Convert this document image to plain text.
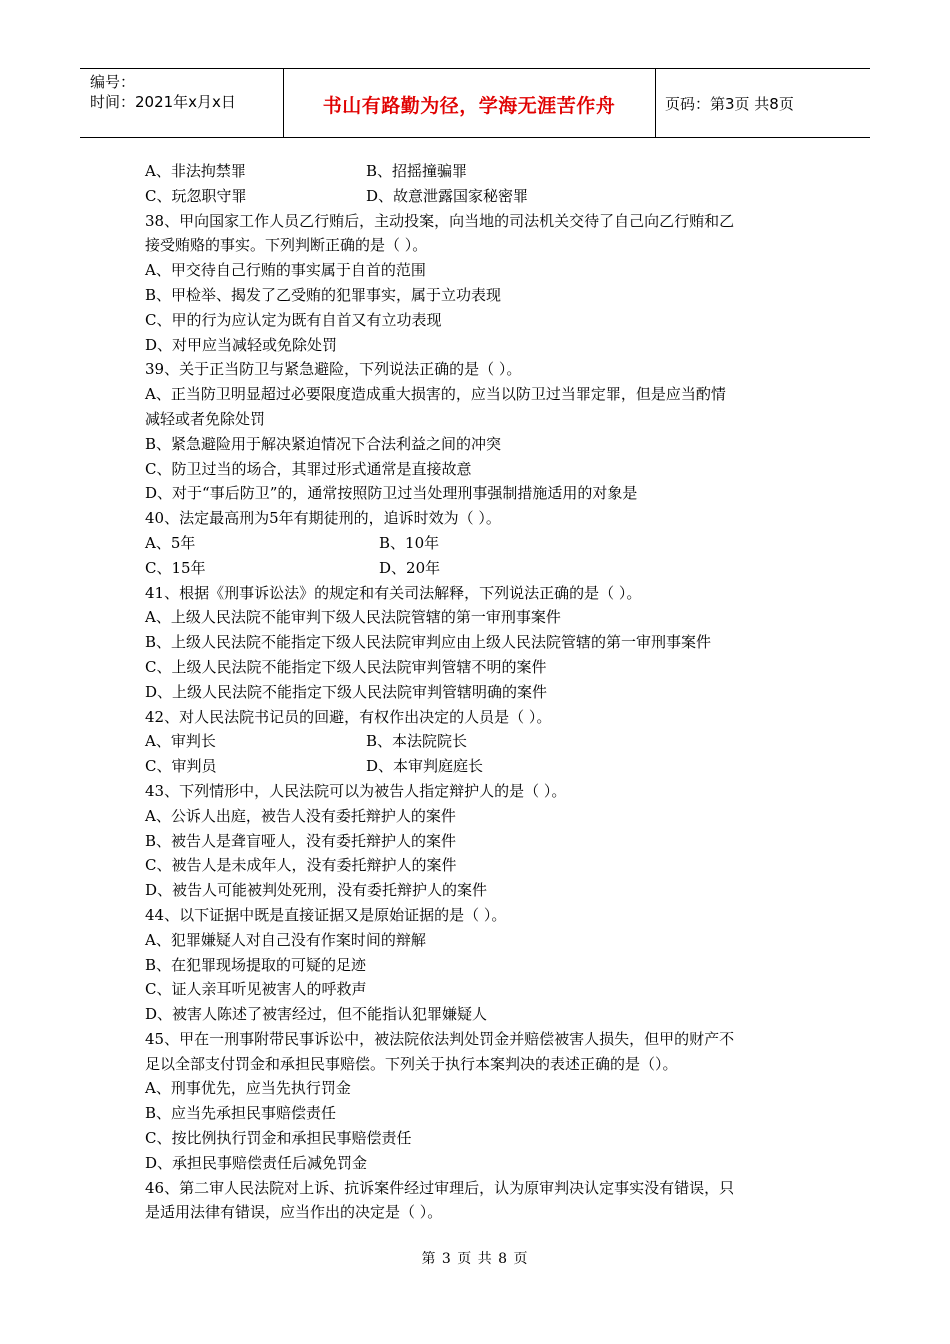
编号：
时间：2021年x月x日	书山有路勤为径，学海无涯苦作舟	页码：第3页 共8页
A、非法拘禁罪	B、招摇撞骗罪
C、玩忽职守罪	D、故意泄露国家秘密罪
38、甲向国家工作人员乙行贿后，主动投案，向当地的司法机关交待了自己向乙行贿和乙
接受贿赂的事实。下列判断正确的是（ ）。
A、甲交待自己行贿的事实属于自首的范围
B、甲检举、揭发了乙受贿的犯罪事实，属于立功表现
C、甲的行为应认定为既有自首又有立功表现
D、对甲应当减轻或免除处罚
39、关于正当防卫与紧急避险，下列说法正确的是（ ）。
A、正当防卫明显超过必要限度造成重大损害的，应当以防卫过当罪定罪，但是应当酌情
减轻或者免除处罚
B、紧急避险用于解决紧迫情况下合法利益之间的冲突
C、防卫过当的场合，其罪过形式通常是直接故意
D、对于“事后防卫”的，通常按照防卫过当处理刑事强制措施适用的对象是
40、法定最高刑为5年有期徒刑的，追诉时效为（ ）。
A、5年	B、10年
C、15年	D、20年
41、根据《刑事诉讼法》的规定和有关司法解释，下列说法正确的是（ ）。
A、上级人民法院不能审判下级人民法院管辖的第一审刑事案件
B、上级人民法院不能指定下级人民法院审判应由上级人民法院管辖的第一审刑事案件
C、上级人民法院不能指定下级人民法院审判管辖不明的案件
D、上级人民法院不能指定下级人民法院审判管辖明确的案件
42、对人民法院书记员的回避，有权作出决定的人员是（ ）。
A、审判长	B、本法院院长
C、审判员	D、本审判庭庭长
43、下列情形中，人民法院可以为被告人指定辩护人的是（ ）。
A、公诉人出庭，被告人没有委托辩护人的案件
B、被告人是聋盲哑人，没有委托辩护人的案件
C、被告人是未成年人，没有委托辩护人的案件
D、被告人可能被判处死刑，没有委托辩护人的案件
44、以下证据中既是直接证据又是原始证据的是（ ）。
A、犯罪嫌疑人对自己没有作案时间的辩解
B、在犯罪现场提取的可疑的足迹
C、证人亲耳听见被害人的呼救声
D、被害人陈述了被害经过，但不能指认犯罪嫌疑人
45、甲在一刑事附带民事诉讼中，被法院依法判处罚金并赔偿被害人损失，但甲的财产不
足以全部支付罚金和承担民事赔偿。下列关于执行本案判决的表述正确的是（）。
A、刑事优先，应当先执行罚金
B、应当先承担民事赔偿责任
C、按比例执行罚金和承担民事赔偿责任
D、承担民事赔偿责任后减免罚金
46、第二审人民法院对上诉、抗诉案件经过审理后，认为原审判决认定事实没有错误，只
是适用法律有错误，应当作出的决定是（ ）。
第 3 页 共 8 页
